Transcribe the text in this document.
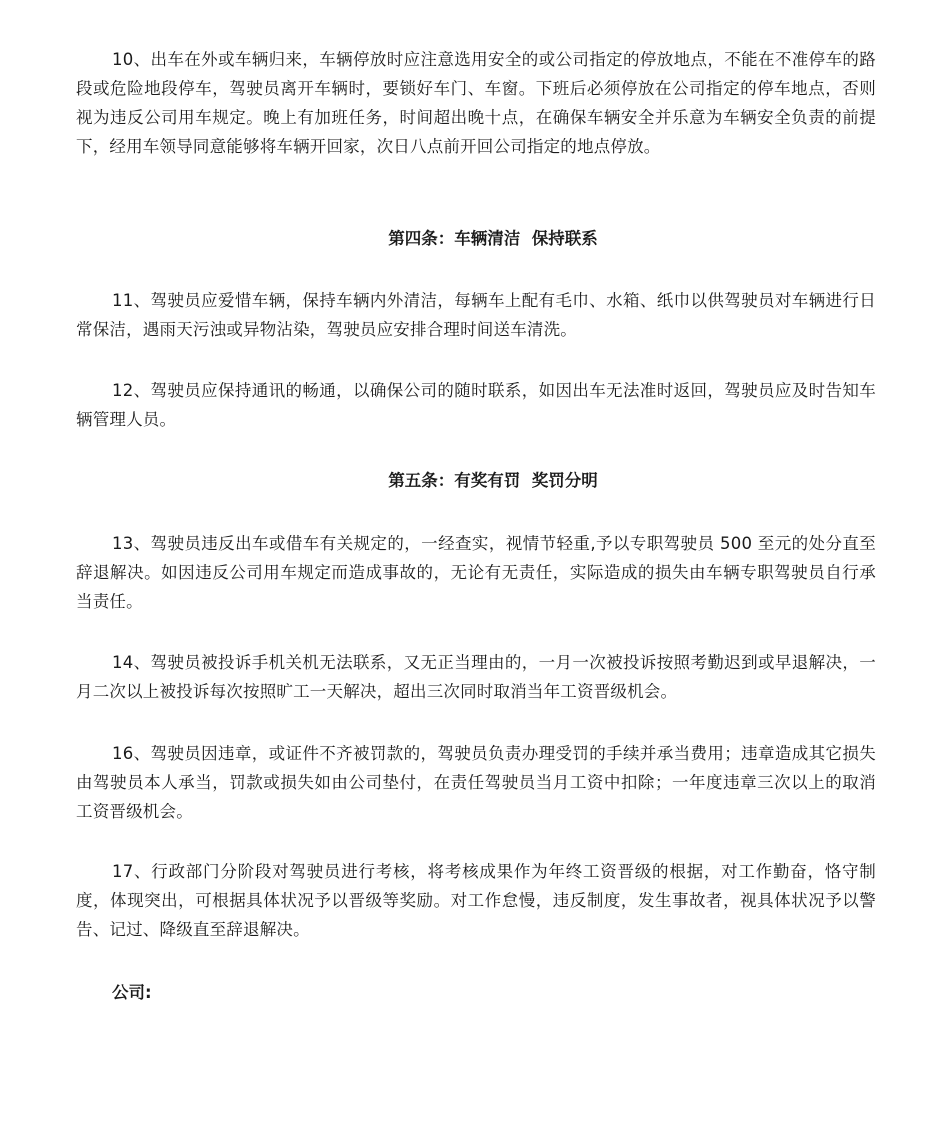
10、出车在外或车辆归来，车辆停放时应注意选用安全的或公司指定的停放地点，不能在不准停车的路段或危险地段停车，驾驶员离开车辆时，要锁好车门、车窗。下班后必须停放在公司指定的停车地点，否则视为违反公司用车规定。晚上有加班任务，时间超出晚十点，在确保车辆安全并乐意为车辆安全负责的前提下，经用车领导同意能够将车辆开回家，次日八点前开回公司指定的地点停放。

第四条：车辆清洁  保持联系

11、驾驶员应爱惜车辆，保持车辆内外清洁，每辆车上配有毛巾、水箱、纸巾以供驾驶员对车辆进行日常保洁，遇雨天污浊或异物沾染，驾驶员应安排合理时间送车清洗。

12、驾驶员应保持通讯的畅通，以确保公司的随时联系，如因出车无法准时返回，驾驶员应及时告知车辆管理人员。

第五条：有奖有罚  奖罚分明

13、驾驶员违反出车或借车有关规定的，一经查实，视情节轻重,予以专职驾驶员 500 至元的处分直至辞退解决。如因违反公司用车规定而造成事故的，无论有无责任，实际造成的损失由车辆专职驾驶员自行承当责任。

14、驾驶员被投诉手机关机无法联系，又无正当理由的，一月一次被投诉按照考勤迟到或早退解决，一月二次以上被投诉每次按照旷工一天解决，超出三次同时取消当年工资晋级机会。

16、驾驶员因违章，或证件不齐被罚款的，驾驶员负责办理受罚的手续并承当费用；违章造成其它损失由驾驶员本人承当，罚款或损失如由公司垫付，在责任驾驶员当月工资中扣除；一年度违章三次以上的取消工资晋级机会。

17、行政部门分阶段对驾驶员进行考核，将考核成果作为年终工资晋级的根据，对工作勤奋，恪守制度，体现突出，可根据具体状况予以晋级等奖励。对工作怠慢，违反制度，发生事故者，视具体状况予以警告、记过、降级直至辞退解决。

公司:
